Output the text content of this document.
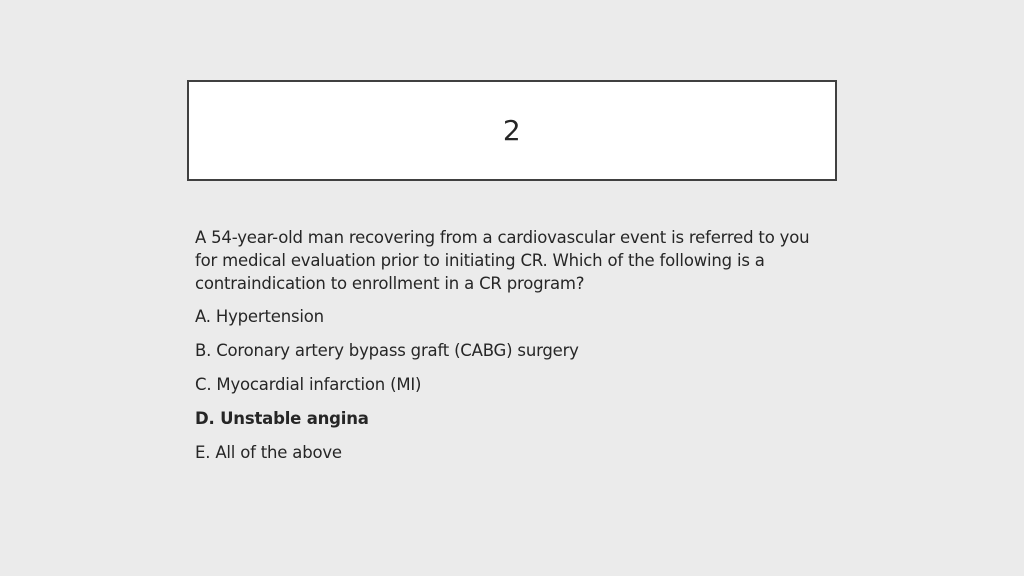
2

A 54-year-old man recovering from a cardiovascular event is referred to you for medical evaluation prior to initiating CR. Which of the following is a contraindication to enrollment in a CR program?

A. Hypertension
B. Coronary artery bypass graft (CABG) surgery
C. Myocardial infarction (MI)
D. Unstable angina
E. All of the above
